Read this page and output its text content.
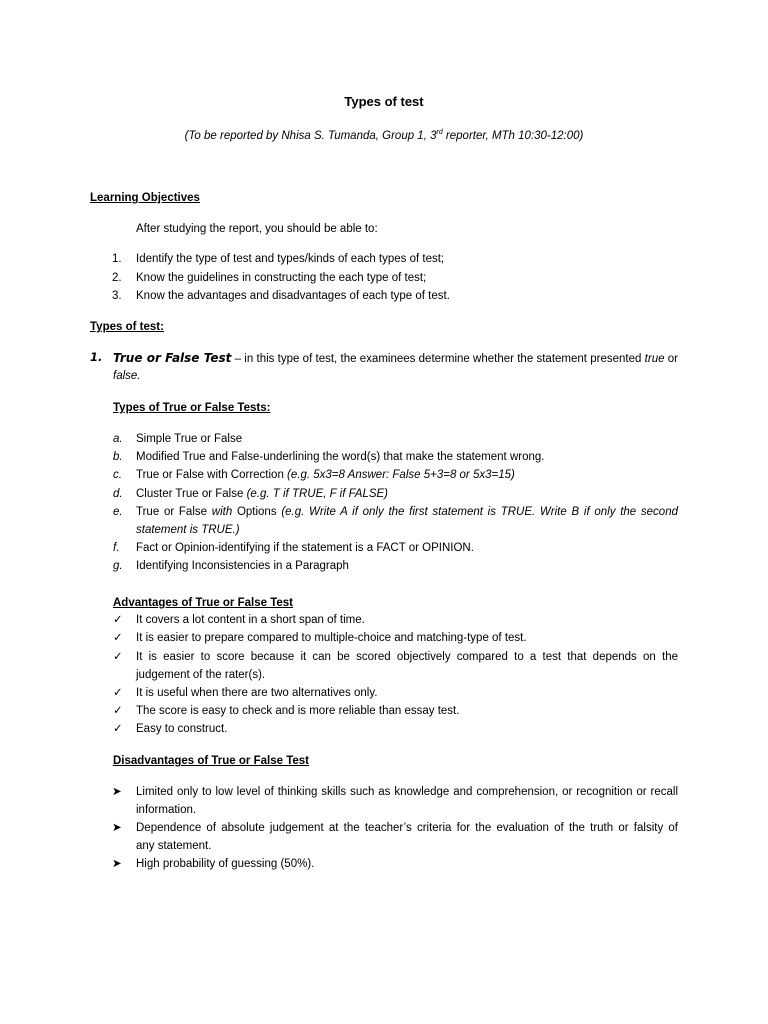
Types of test
(To be reported by Nhisa S. Tumanda, Group 1, 3rd reporter, MTh 10:30-12:00)
Learning Objectives
After studying the report, you should be able to:
1. Identify the type of test and types/kinds of each types of test;
2. Know the guidelines in constructing the each type of test;
3. Know the advantages and disadvantages of each type of test.
Types of test:
1. True or False Test – in this type of test, the examinees determine whether the statement presented true or
false.
Types of True or False Tests:
a. Simple True or False
b. Modified True and False-underlining the word(s) that make the statement wrong.
c. True or False with Correction (e.g. 5x3=8 Answer: False 5+3=8 or 5x3=15)
d. Cluster True or False (e.g. T if TRUE, F if FALSE)
e. True or False with Options (e.g. Write A if only the first statement is TRUE. Write B if only the second
statement is TRUE.)
f. Fact or Opinion-identifying if the statement is a FACT or OPINION.
g. Identifying Inconsistencies in a Paragraph
Advantages of True or False Test
✓ It covers a lot content in a short span of time.
✓ It is easier to prepare compared to multiple-choice and matching-type of test.
✓ It is easier to score because it can be scored objectively compared to a test that depends on the
judgement of the rater(s).
✓ It is useful when there are two alternatives only.
✓ The score is easy to check and is more reliable than essay test.
✓ Easy to construct.
Disadvantages of True or False Test
➤ Limited only to low level of thinking skills such as knowledge and comprehension, or recognition or recall
information.
➤ Dependence of absolute judgement at the teacher’s criteria for the evaluation of the truth or falsity of
any statement.
➤ High probability of guessing (50%).
